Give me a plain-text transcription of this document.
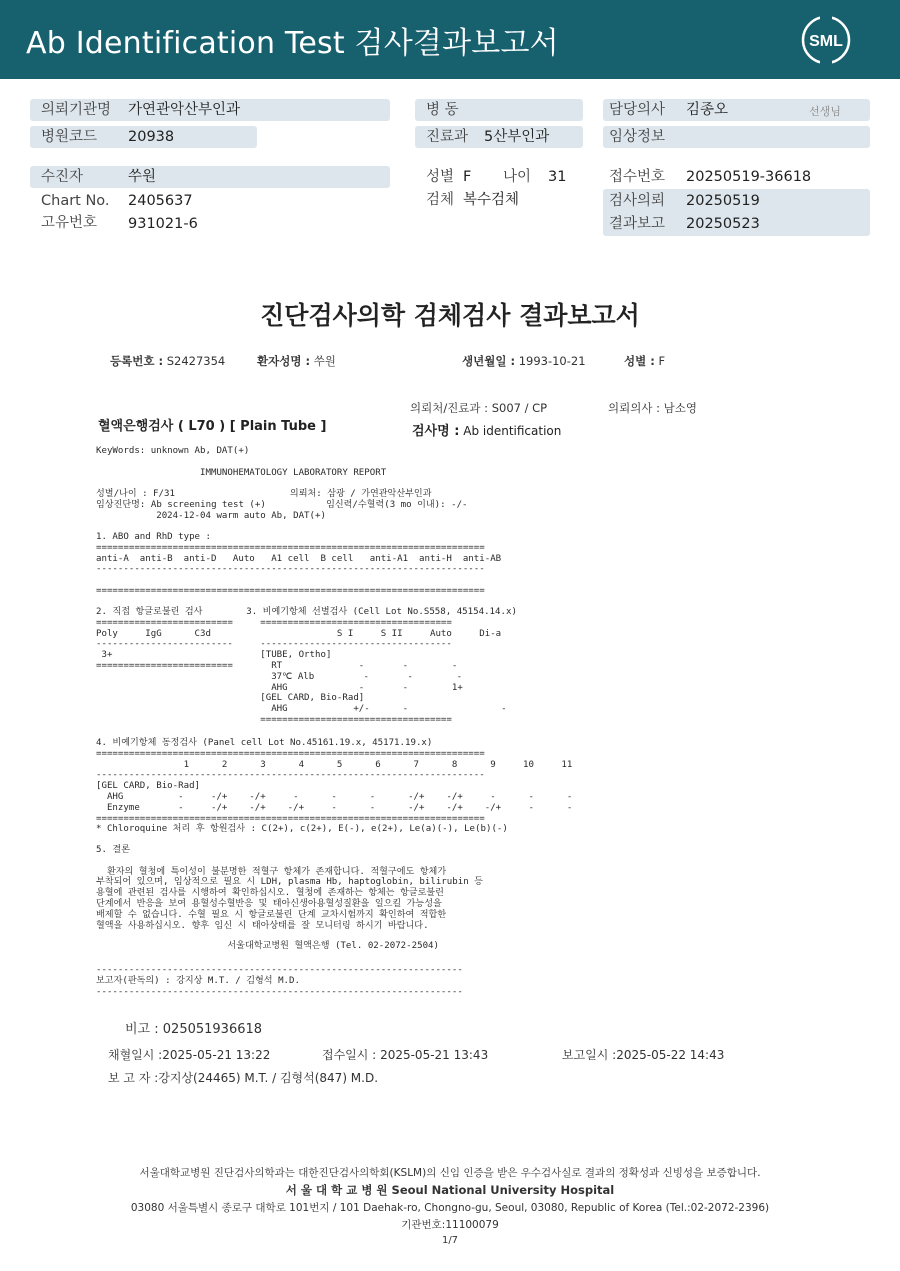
Ab Identification Test 검사결과보고서	SML
의뢰기관명 가연관악산부인과
병원코드 20938
병 동
진료과 5산부인과
담당의사 김종오	선생님
임상정보
수진자	쑤원
Chart No. 2405637
고유번호 931021-6
성별 F 나이 31
검체 복수검체
접수번호 20250519-36618
검사의뢰 20250519
결과보고 20250523
진단검사의학 검체검사 결과보고서
등록번호 : S2427354	환자성명 : 쑤원	생년월일 : 1993-10-21	성별 : F
의뢰처/진료과 : S007 / CP	의뢰의사 : 남소영
혈액은행검사 ( L70 ) [ Plain Tube ]	검사명 : Ab identification
KeyWords: unknown Ab, DAT(+)
IMMUNOHEMATOLOGY LABORATORY REPORT
성별/나이 : F/31                     의뢰처: 삼광 / 가연관악산부인과
임상진단명: Ab screening test (+)           임신력/수혈력(3 mo 이내): -/-
2024-12-04 warm auto Ab, DAT(+)
1. ABO and RhD type :
=======================================================================
anti-A  anti-B  anti-D   Auto   A1 cell  B cell   anti-A1  anti-H  anti-AB
-----------------------------------------------------------------------

=======================================================================
2. 직접 항글로불린 검사        3. 비예기항체 선별검사 (Cell Lot No.S558, 45154.14.x)
=========================     ===================================
Poly     IgG      C3d                       S I     S II     Auto     Di-a
-------------------------     -----------------------------------
3+                           [TUBE, Ortho]
=========================       RT              -       -        -
37℃ Alb         -       -        -
AHG             -       -        1+
[GEL CARD, Bio-Rad]
AHG            +/-      -                 -
===================================
4. 비예기항체 동정검사 (Panel cell Lot No.45161.19.x, 45171.19.x)
=======================================================================
1      2      3      4      5      6      7      8      9     10     11
-----------------------------------------------------------------------
[GEL CARD, Bio-Rad]
AHG          -     -/+    -/+     -      -      -      -/+    -/+     -      -      -
Enzyme       -     -/+    -/+    -/+     -      -      -/+    -/+    -/+     -      -
=======================================================================
* Chloroquine 처리 후 항원검사 : C(2+), c(2+), E(-), e(2+), Le(a)(-), Le(b)(-)
5. 결론

환자의 혈청에 특이성이 불분명한 적혈구 항체가 존재합니다. 적혈구에도 항체가
부착되어 있으며, 임상적으로 필요 시 LDH, plasma Hb, haptoglobin, bilirubin 등
용혈에 관련된 검사를 시행하여 확인하십시오. 혈청에 존재하는 항체는 항글로불린
단계에서 반응을 보여 용혈성수혈반응 및 태아신생아용혈성질환을 일으킬 가능성을
배제할 수 없습니다. 수혈 필요 시 항글로불린 단계 교차시험까지 확인하여 적합한
혈액을 사용하십시오. 향후 임신 시 태아상태를 잘 모니터링 하시기 바랍니다.
서울대학교병원 혈액은행 (Tel. 02-2072-2504)
-------------------------------------------------------------------
보고자(판독의) : 강지상 M.T. / 김형석 M.D.
-------------------------------------------------------------------
비고 : 025051936618
채혈일시 :2025-05-21 13:22	접수일시 : 2025-05-21 13:43	보고일시 :2025-05-22 14:43
보 고 자 :강지상(24465) M.T. / 김형석(847) M.D.
서울대학교병원 진단검사의학과는 대한진단검사의학회(KSLM)의 신임 인증을 받은 우수검사실로 결과의 정확성과 신빙성을 보증합니다.
서 울 대 학 교 병 원 Seoul National University Hospital
03080 서울특별시 종로구 대학로 101번지 / 101 Daehak-ro, Chongno-gu, Seoul, 03080, Republic of Korea (Tel.:02-2072-2396)
기관번호:11100079
1/7
